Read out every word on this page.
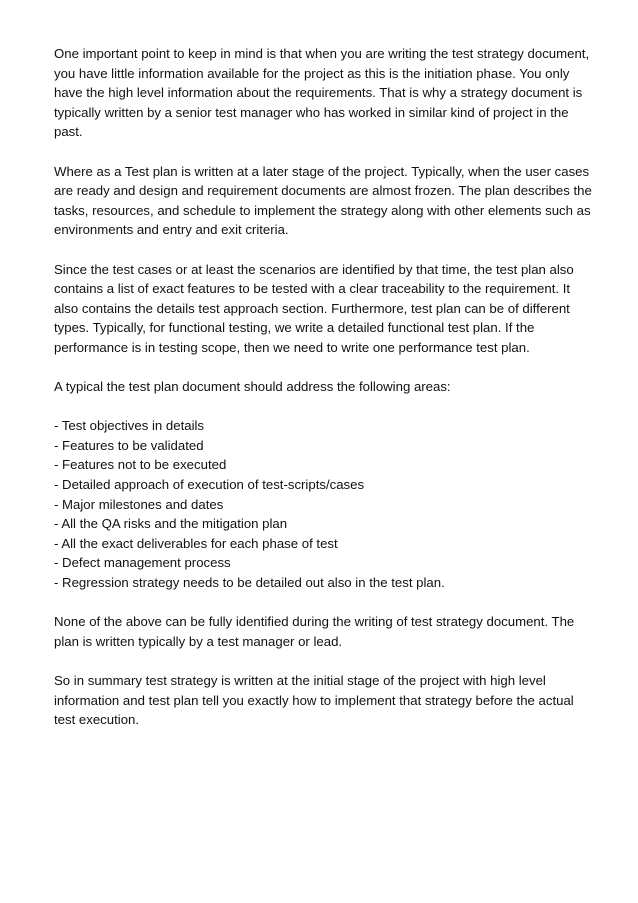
One important point to keep in mind is that when you are writing the test strategy document, you have little information available for the project as this is the initiation phase. You only have the high level information about the requirements. That is why a strategy document is typically written by a senior test manager who has worked in similar kind of project in the past.

Where as a Test plan is written at a later stage of the project. Typically, when the user cases are ready and design and requirement documents are almost frozen. The plan describes the tasks, resources, and schedule to implement the strategy along with other elements such as environments and entry and exit criteria.

Since the test cases or at least the scenarios are identified by that time, the test plan also contains a list of exact features to be tested with a clear traceability to the requirement. It also contains the details test approach section. Furthermore, test plan can be of different types. Typically, for functional testing, we write a detailed functional test plan. If the performance is in testing scope, then we need to write one performance test plan.

A typical the test plan document should address the following areas:

- Test objectives in details
- Features to be validated
- Features not to be executed
- Detailed approach of execution of test-scripts/cases
- Major milestones and dates
- All the QA risks and the mitigation plan
- All the exact deliverables for each phase of test
- Defect management process
- Regression strategy needs to be detailed out also in the test plan.

None of the above can be fully identified during the writing of test strategy document. The plan is written typically by a test manager or lead.

So in summary test strategy is written at the initial stage of the project with high level information and test plan tell you exactly how to implement that strategy before the actual test execution.
